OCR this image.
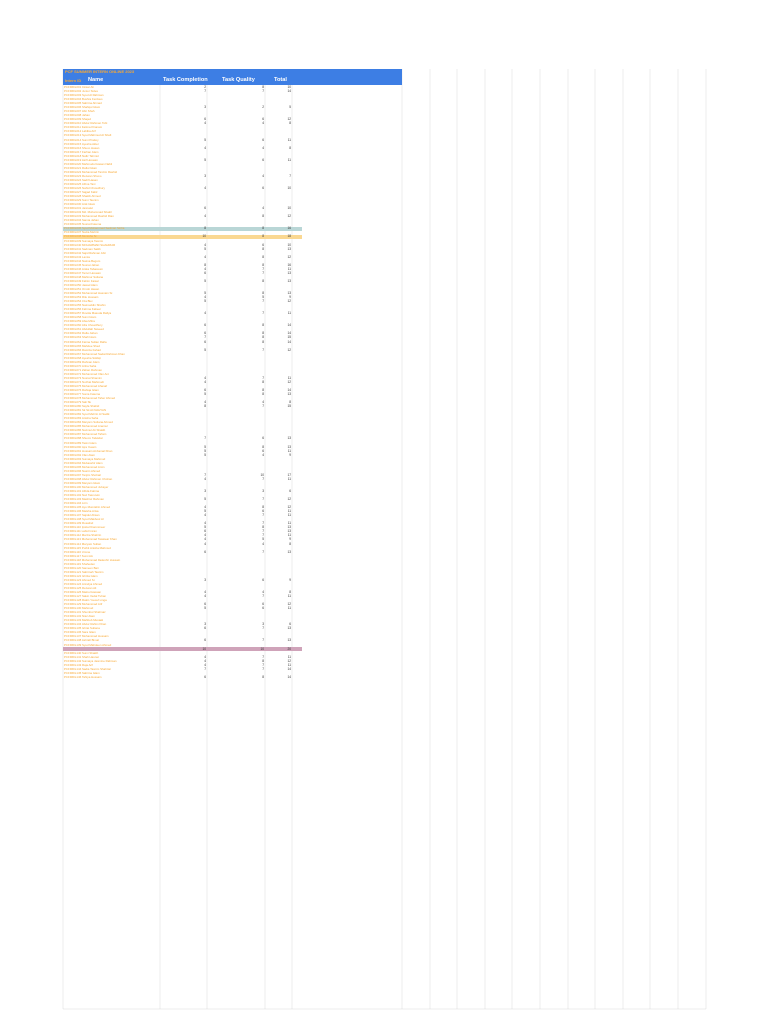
PCF SUMMER INTERN ONLINE 2023
Intern ID Name	Task Completion	Task Quality	Total
PCFIRDL001 Intisar Ali	2	8	10
PCFIRDL002 Junior Sides	7	7	14
PCFIRDL003 Syed Al Rahman
PCFIRDL004 Bushra Ferdous
PCFIRDL005 Sabrina Ahmad
PCFIRDL006 Shafiqul Islam	3	2	5
PCFIRDL007 Abir Shah
PCFIRDL008 Jahan
PCFIRDL009 Shajed	6	6	12
PCFIRDL010 Abdur Rahman Tobi	4	4	8
PCFIRDL011 Fatima Khanam
PCFIRDL012 Labiba Arif
PCFIRDL013 Syed Mahmud Al Shafi
PCFIRDL014 Sumi Prattoy	5	6	11
PCFIRDL015 Ayesha Akter
PCFIRDL016 Shuvo Hasan	4	4	8
PCFIRDL017 Farhan Alam
PCFIRDL018 Nafiz Tahmid
PCFIRDL019 Asif Hossain	5	6	11
PCFIRDL020 Mahmudul Hasan Nabil
PCFIRDL021 Rafiul Islam
PCFIRDL022 Mohammad Tanzim Rashid
PCFIRDL023 Rezwan Shuvo	3	4	7
PCFIRDL024 Sadif Hasan
PCFIRDL025 Afrina Tani
PCFIRDL026 Nahid Chowdhury	4	6	10
PCFIRDL027 Sajjad Kabir
PCFIRDL028 Shakib Ahmed
PCFIRDL029 Sumi Tasnim
PCFIRDL030 Anik Islam
PCFIRDL031 Jannatul	6	4	10
PCFIRDL032 Md. Mohammad Shakil
PCFIRDL033 Mohammad Rashid Rian	4	8	12
PCFIRDL034 Samia Jahan
PCFIRDL035 Nusrat Fatema
PCFIRDL036 Syed Mohammad Sadman Sinha	8	8	16
PCFIRDL037 Nazia Mehrin
PCFIRDL038 Monisha Sr.	10	8	18
PCFIRDL039 Sumaiya Tasnim
PCFIRDL040 MOHAMMAD SHAHRIAR	4	6	10
PCFIRDL041 Sadman Sakib	5	8	13
PCFIRDL042 Sajid Rahman Abir
PCFIRDL043 Lamia	4	8	12
PCFIRDL044 Naima Begum
PCFIRDL045 Nusrat Jahan	8	8	16
PCFIRDL046 Anika Tabassum	4	7	11
PCFIRDL047 Tanvir Hossain	6	7	13
PCFIRDL048 Mahinur Sultana
PCFIRDL049 Fahim Faisal	5	8	13
PCFIRDL050 Jawad Alam
PCFIRDL051 Ornob Hasan
PCFIRDL052 Muhammad Hasnain Sr.	5	8	13
PCFIRDL053 Ritu Hossain	4	5	9
PCFIRDL054 Irza Biei	5	7	12
PCFIRDL055 Naimuddin Shahin
PCFIRDL056 Fahma Kabeer
PCFIRDL057 Ruvida Masuda Rafiya	4	7	11
PCFIRDL058 Sumi Islam
PCFIRDL059 Afsa Mitra
PCFIRDL060 Afra Chowdhury	6	8	14
PCFIRDL061 Abdullah Naveed
PCFIRDL062 Rafia Jahan	6	8	14
PCFIRDL063 Shafi Islam	7	8	15
PCFIRDL064 Faima Sultan Rafia	6	8	14
PCFIRDL065 Mahdee Shed
PCFIRDL066 Ramiza Fahad	5	7	12
PCFIRDL067 Mohammad Sadat Rahman Khan
PCFIRDL068 Ayesha Siddiqi
PCFIRDL069 Rahnan Alam
PCFIRDL070 Aritra Saha
PCFIRDL071 Zahan Rahman
PCFIRDL072 Mohammad Irfan Ant
PCFIRDL073 Nusrat Shamim	4	7	11
PCFIRDL074 Nuzhat Mahmudi	4	8	12
PCFIRDL075 Mohammad Ahanaf
PCFIRDL076 Rahiqa Islam	6	8	14
PCFIRDL077 Sonia Fatema	5	8	13
PCFIRDL078 Mohammad Taher Ahmed
PCFIRDL079 Sali Sk	4	4	8
PCFIRDL080 Sayfa Shahid	8	7	15
PCFIRDL081 Sk Sk Ali NAHYAN
PCFIRDL082 Syed Mehrin Al Sadik
PCFIRDL083 Anisha Saha
PCFIRDL084 Maryam Sultana Ahmed
PCFIRDL085 Mohammad Anamul
PCFIRDL086 Nazmul Ali Shakib
PCFIRDL087 Mohammad Tahsin
PCFIRDL088 Shuvro Talukdar	7	6	13
PCFIRDL089 Tasin Islam
PCFIRDL090 Iqra Yeasin	5	8	13
PCFIRDL091 Hussain Al-Kamal Khan	5	6	11
PCFIRDL092 Irfan Alam	5	4	9
PCFIRDL093 Sumaiya Mahmud
PCFIRDL094 Mubasshir Alam
PCFIRDL095 Mohammad Amin
PCFIRDL096 Nasrin Ahmed
PCFIRDL097 Tanjim Shohail	7	10	17
PCFIRDL098 Abdur Rahman Chohan	4	7	11
PCFIRDL099 Maryam Islam
PCFIRDL100 Mohammed Jubayer
PCFIRDL101 Afrida Fatima	3	3	6
PCFIRDL102 Naz Tasnuvim
PCFIRDL103 Mashiur Rahman	5	7	12
PCFIRDL104 Lirin
PCFIRDL105 Ayo Mumtahin Ahmed	4	8	12
PCFIRDL106 Maisha Arisa	5	6	11
PCFIRDL107 Sajidul Ahsan	4	7	11
PCFIRDL108 Syed Makbool Al
PCFIRDL109 Rosalind	4	7	11
PCFIRDL110 Ipsita Khanmmeer	5	8	13
PCFIRDL111 Labid Imran	6	7	13
PCFIRDL112 Marzia Shahrin	4	7	11
PCFIRDL113 Mohammad Tawsiear Khan	4	5	9
PCFIRDL114 Maryam Sultan	4	4	8
PCFIRDL115 Purbit Anisha Mahmud
PCFIRDL116 Umme	6	7	13
PCFIRDL117 Sumi AA
PCFIRDL118 Muhammad Ifadeshir Hussain
PCFIRDL119 Shaheden
PCFIRDL120 Sameen Bari
PCFIRDL121 Sabrinah Tasnim
PCFIRDL122 Ishrita Islam
PCFIRDL123 Ahmed Sr.	3	6	9
PCFIRDL124 Anindya Ahmed
PCFIRDL125 Rezwan Ali
PCFIRDL126 Mainul Hassan	4	4	8
PCFIRDL127 Sakin Vedal Tuhan	4	7	11
PCFIRDL128 Rakin Yousuf Linga
PCFIRDL129 Muhammad Arif	6	6	12
PCFIRDL130 Mahmud	5	6	11
PCFIRDL131 Shumbul Shahnaz
PCFIRDL132 Niaz Alam
PCFIRDL133 Mahbub Mustaki
PCFIRDL134 Abdur Rahim Khan	3	3	6
PCFIRDL135 Ishrat Sultana	6	7	13
PCFIRDL136 Sara Islam
PCFIRDL137 Mohammad Hossain
PCFIRDL138 Ashrafi Bimal	6	7	13
PCFIRDL139 Syed Mahdeen Ahmed
10	10	20
PCFIRDL140 Sumi Shaikh
PCFIRDL141 Shah Hasnat	4	7	11
PCFIRDL142 Sumaiya Jasmine Rahman	4	8	12
PCFIRDL143 Raja Arif	4	7	11
PCFIRDL144 Sadia Tasnim Shahriar	7	7	14
PCFIRDL145 Sabrina Islam
PCFIRDL146 Tahiya Hossain	6	8	14
